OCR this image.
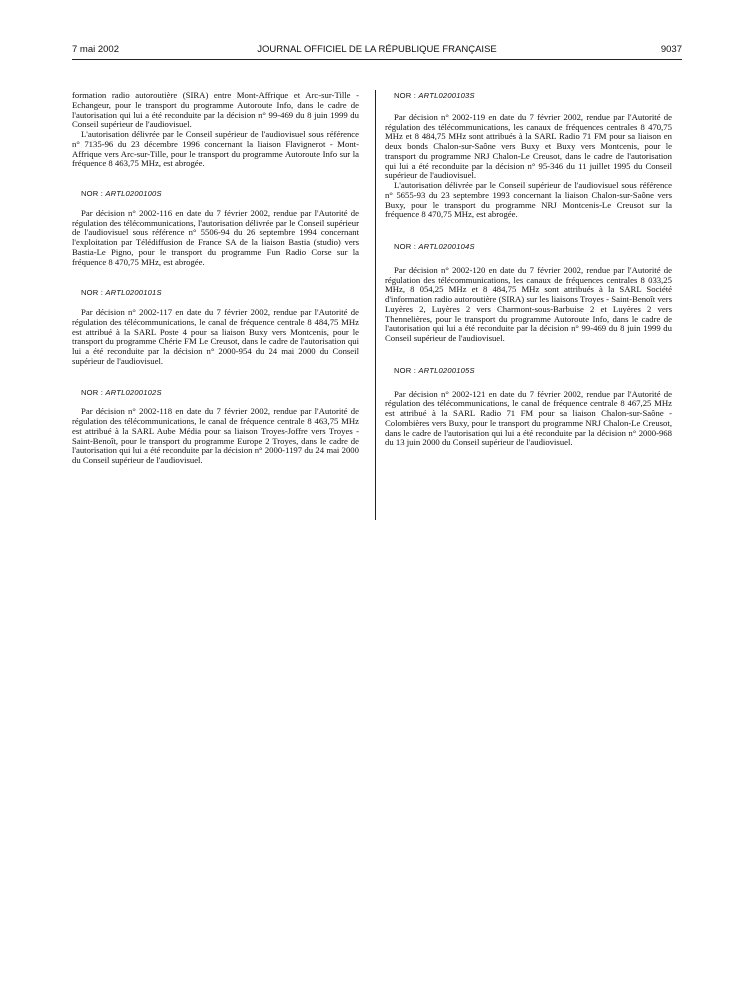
7 mai 2002	JOURNAL OFFICIEL DE LA RÉPUBLIQUE FRANÇAISE	9037

formation radio autoroutière (SIRA) entre Mont-Affrique et Arc-sur-Tille - Echangeur, pour le transport du programme Autoroute Info, dans le cadre de l'autorisation qui lui a été reconduite par la décision n° 99-469 du 8 juin 1999 du Conseil supérieur de l'audiovisuel.

L'autorisation délivrée par le Conseil supérieur de l'audiovisuel sous référence n° 7135-96 du 23 décembre 1996 concernant la liaison Flavignerot - Mont-Affrique vers Arc-sur-Tille, pour le transport du programme Autoroute Info sur la fréquence 8 463,75 MHz, est abrogée.

NOR : ARTL0200100S

Par décision n° 2002-116 en date du 7 février 2002, rendue par l'Autorité de régulation des télécommunications, l'autorisation délivrée par le Conseil supérieur de l'audiovisuel sous référence n° 5506-94 du 26 septembre 1994 concernant l'exploitation par Télédiffusion de France SA de la liaison Bastia (studio) vers Bastia-Le Pigno, pour le transport du programme Fun Radio Corse sur la fréquence 8 470,75 MHz, est abrogée.

NOR : ARTL0200101S

Par décision n° 2002-117 en date du 7 février 2002, rendue par l'Autorité de régulation des télécommunications, le canal de fréquence centrale 8 484,75 MHz est attribué à la SARL Poste 4 pour sa liaison Buxy vers Montcenis, pour le transport du programme Chérie FM Le Creusot, dans le cadre de l'autorisation qui lui a été reconduite par la décision n° 2000-954 du 24 mai 2000 du Conseil supérieur de l'audiovisuel.

NOR : ARTL0200102S

Par décision n° 2002-118 en date du 7 février 2002, rendue par l'Autorité de régulation des télécommunications, le canal de fréquence centrale 8 463,75 MHz est attribué à la SARL Aube Média pour sa liaison Troyes-Joffre vers Troyes - Saint-Benoît, pour le transport du programme Europe 2 Troyes, dans le cadre de l'autorisation qui lui a été reconduite par la décision n° 2000-1197 du 24 mai 2000 du Conseil supérieur de l'audiovisuel.

NOR : ARTL0200103S

Par décision n° 2002-119 en date du 7 février 2002, rendue par l'Autorité de régulation des télécommunications, les canaux de fréquences centrales 8 470,75 MHz et 8 484,75 MHz sont attribués à la SARL Radio 71 FM pour sa liaison en deux bonds Chalon-sur-Saône vers Buxy et Buxy vers Montcenis, pour le transport du programme NRJ Chalon-Le Creusot, dans le cadre de l'autorisation qui lui a été reconduite par la décision n° 95-346 du 11 juillet 1995 du Conseil supérieur de l'audiovisuel.

L'autorisation délivrée par le Conseil supérieur de l'audiovisuel sous référence n° 5655-93 du 23 septembre 1993 concernant la liaison Chalon-sur-Saône vers Buxy, pour le transport du programme NRJ Montcenis-Le Creusot sur la fréquence 8 470,75 MHz, est abrogée.

NOR : ARTL0200104S

Par décision n° 2002-120 en date du 7 février 2002, rendue par l'Autorité de régulation des télécommunications, les canaux de fréquences centrales 8 033,25 MHz, 8 054,25 MHz et 8 484,75 MHz sont attribués à la SARL Société d'information radio autoroutière (SIRA) sur les liaisons Troyes - Saint-Benoît vers Luyères 2, Luyères 2 vers Charmont-sous-Barbuise 2 et Luyères 2 vers Thennelières, pour le transport du programme Autoroute Info, dans le cadre de l'autorisation qui lui a été reconduite par la décision n° 99-469 du 8 juin 1999 du Conseil supérieur de l'audiovisuel.

NOR : ARTL0200105S

Par décision n° 2002-121 en date du 7 février 2002, rendue par l'Autorité de régulation des télécommunications, le canal de fréquence centrale 8 467,25 MHz est attribué à la SARL Radio 71 FM pour sa liaison Chalon-sur-Saône - Colombières vers Buxy, pour le transport du programme NRJ Chalon-Le Creusot, dans le cadre de l'autorisation qui lui a été reconduite par la décision n° 2000-968 du 13 juin 2000 du Conseil supérieur de l'audiovisuel.
